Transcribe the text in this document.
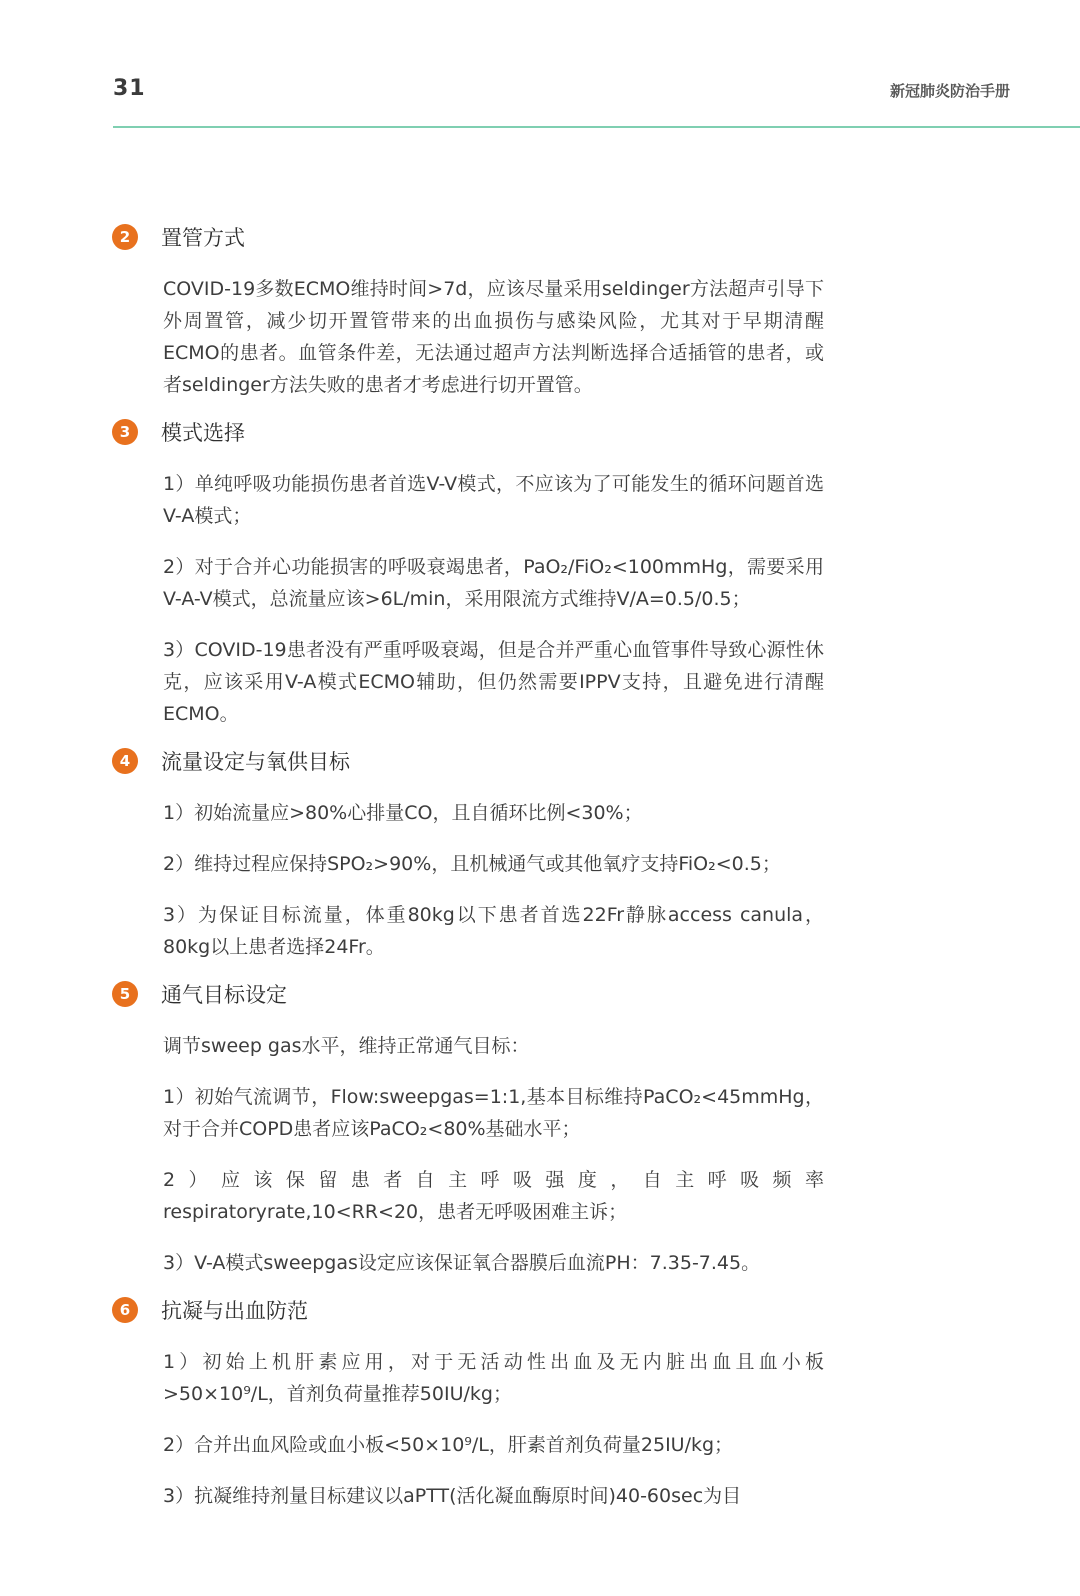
31	新冠肺炎防治手册
2	置管方式

COVID-19多数ECMO维持时间>7d，应该尽量采用seldinger方法超声引导下外周置管，减少切开置管带来的出血损伤与感染风险，尤其对于早期清醒ECMO的患者。血管条件差，无法通过超声方法判断选择合适插管的患者，或者seldinger方法失败的患者才考虑进行切开置管。

3	模式选择

1）单纯呼吸功能损伤患者首选V-V模式，不应该为了可能发生的循环问题首选V-A模式；

2）对于合并心功能损害的呼吸衰竭患者，PaO₂/FiO₂<100mmHg，需要采用V-A-V模式，总流量应该>6L/min，采用限流方式维持V/A=0.5/0.5；

3）COVID-19患者没有严重呼吸衰竭，但是合并严重心血管事件导致心源性休克，应该采用V-A模式ECMO辅助，但仍然需要IPPV支持，且避免进行清醒ECMO。

4	流量设定与氧供目标

1）初始流量应>80%心排量CO，且自循环比例<30%；

2）维持过程应保持SPO₂>90%，且机械通气或其他氧疗支持FiO₂<0.5；

3）为保证目标流量，体重80kg以下患者首选22Fr静脉access canula，80kg以上患者选择24Fr。

5	通气目标设定

调节sweep gas水平，维持正常通气目标：

1）初始气流调节，Flow:sweepgas=1:1,基本目标维持PaCO₂<45mmHg，对于合并COPD患者应该PaCO₂<80%基础水平；

2）应该保留患者自主呼吸强度，自主呼吸频率respiratoryrate,10<RR<20，患者无呼吸困难主诉；

3）V-A模式sweepgas设定应该保证氧合器膜后血流PH：7.35-7.45。

6	抗凝与出血防范

1）初始上机肝素应用，对于无活动性出血及无内脏出血且血小板>50×10⁹/L，首剂负荷量推荐50IU/kg；

2）合并出血风险或血小板<50×10⁹/L，肝素首剂负荷量25IU/kg；

3）抗凝维持剂量目标建议以aPTT(活化凝血酶原时间)40-60sec为目
